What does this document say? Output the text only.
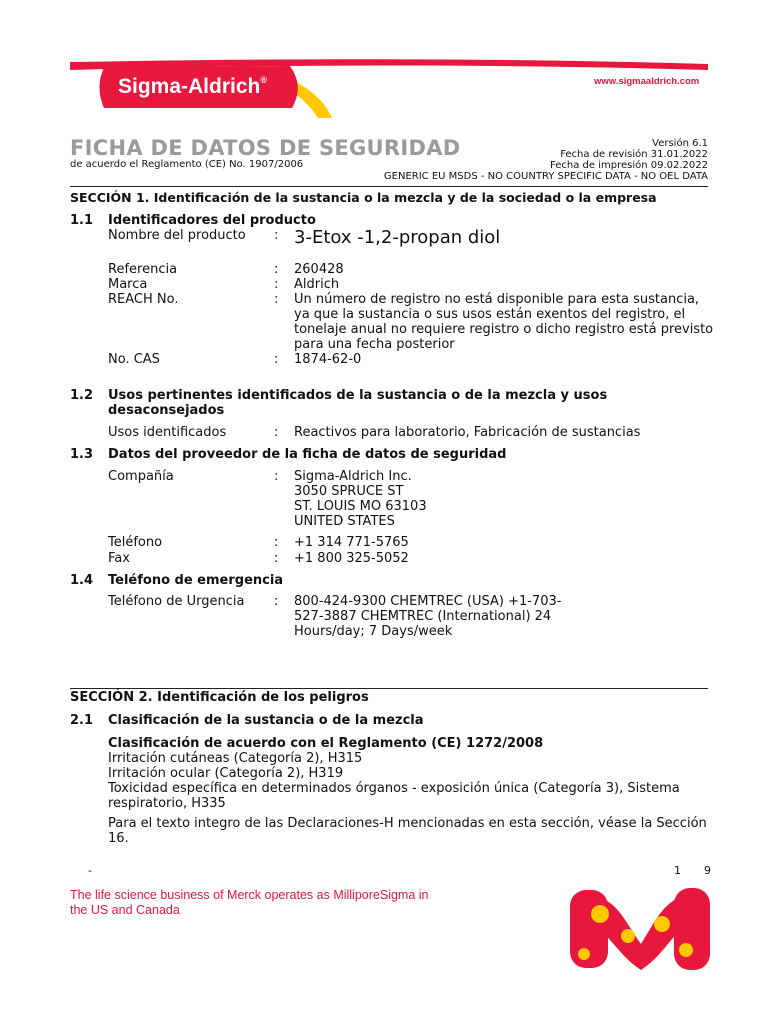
Sigma-Aldrich®	www.sigmaaldrich.com
FICHA DE DATOS DE SEGURIDAD
de acuerdo el Reglamento (CE) No. 1907/2006
Versión 6.1
Fecha de revisión 31.01.2022
Fecha de impresión 09.02.2022
GENERIC EU MSDS - NO COUNTRY SPECIFIC DATA - NO OEL DATA
SECCIÓN 1. Identificación de la sustancia o la mezcla y de la sociedad o la empresa
1.1 Identificadores del producto
Nombre del producto : 3-Etox -1,2-propan diol
Referencia	: 260428
Marca	: Aldrich
REACH No.	: Un número de registro no está disponible para esta sustancia,
ya que la sustancia o sus usos están exentos del registro, el
tonelaje anual no requiere registro o dicho registro está previsto
para una fecha posterior
No. CAS	: 1874-62-0
1.2 Usos pertinentes identificados de la sustancia o de la mezcla y usos
desaconsejados
Usos identificados	: Reactivos para laboratorio, Fabricación de sustancias
1.3 Datos del proveedor de la ficha de datos de seguridad
Compañía	: Sigma-Aldrich Inc.
3050 SPRUCE ST
ST. LOUIS MO 63103
UNITED STATES
Teléfono	: +1 314 771-5765
Fax	: +1 800 325-5052
1.4 Teléfono de emergencia
Teléfono de Urgencia : 800-424-9300 CHEMTREC (USA) +1-703-
527-3887 CHEMTREC (International) 24
Hours/day; 7 Days/week
SECCIÓN 2. Identificación de los peligros
2.1 Clasificación de la sustancia o de la mezcla
Clasificación de acuerdo con el Reglamento (CE) 1272/2008
Irritación cutáneas (Categoría 2), H315
Irritación ocular (Categoría 2), H319
Toxicidad específica en determinados órganos - exposición única (Categoría 3), Sistema
respiratorio, H335
Para el texto integro de las Declaraciones-H mencionadas en esta sección, véase la Sección
16.
-	1 9
The life science business of Merck operates as MilliporeSigma in
the US and Canada
